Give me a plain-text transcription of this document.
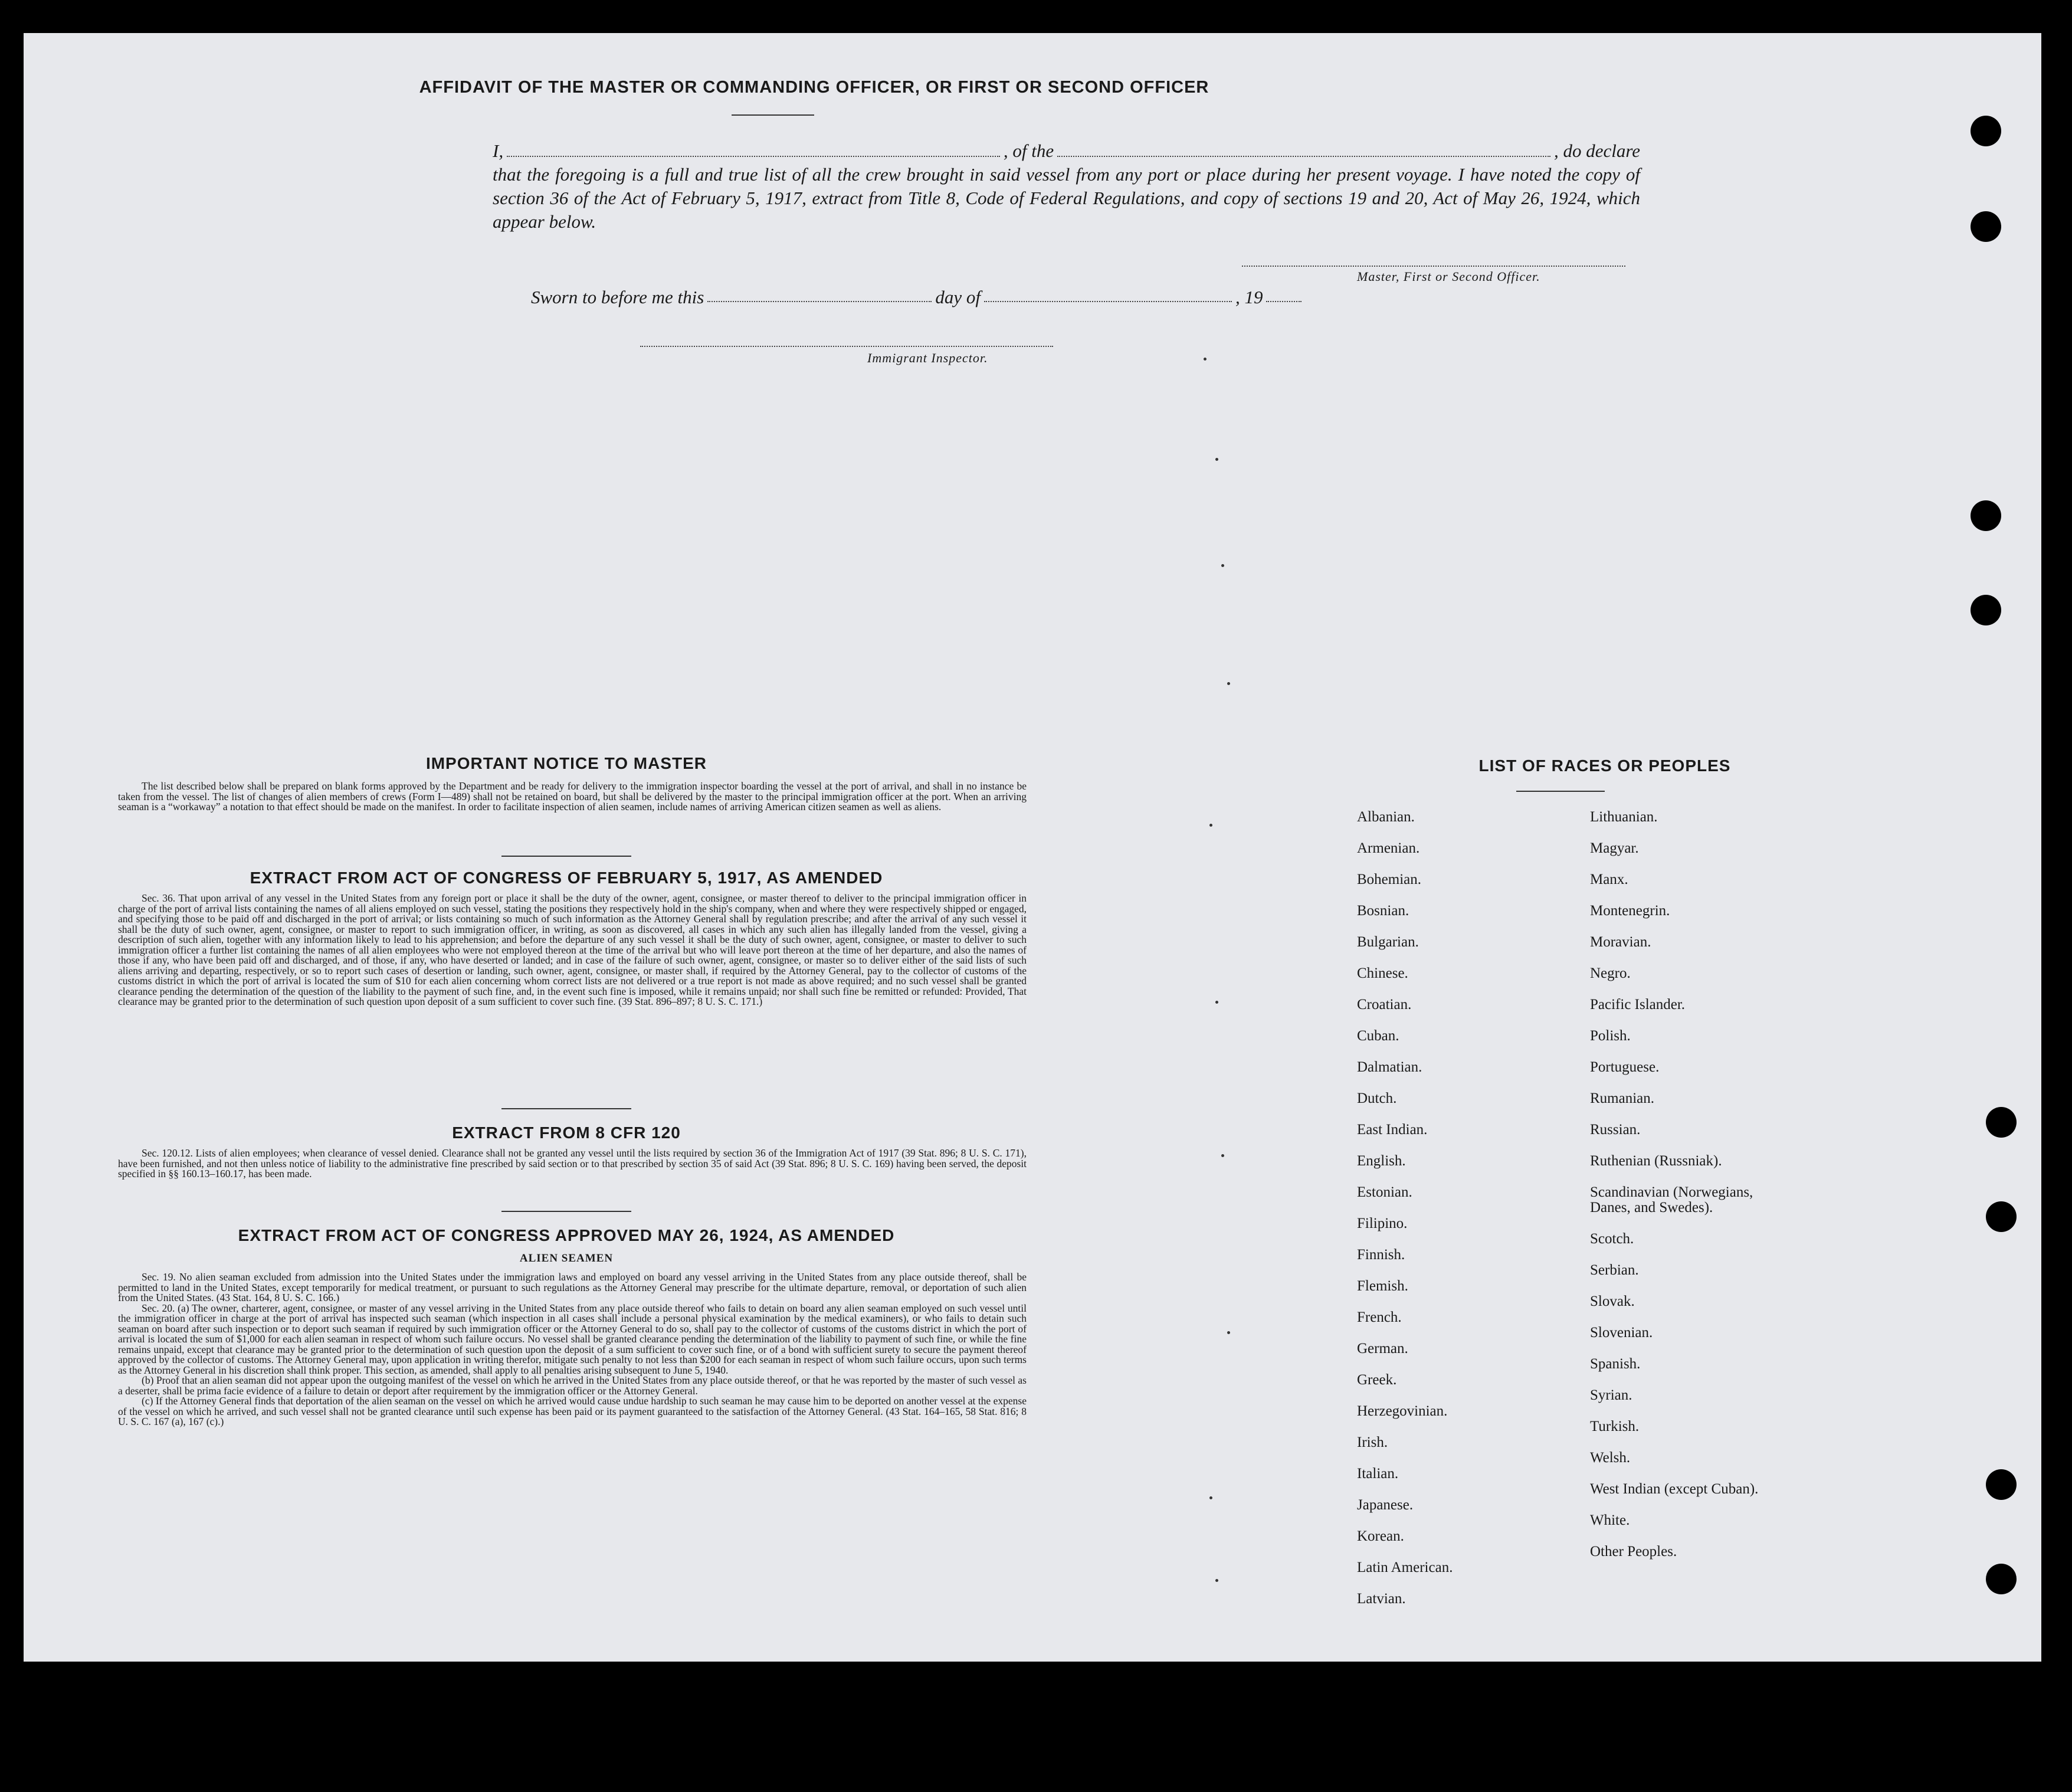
AFFIDAVIT OF THE MASTER OR COMMANDING OFFICER, OR FIRST OR SECOND OFFICER
I,	, of the	, do declare
that the foregoing is a full and true list of all the crew brought in said vessel from any port or place during her present voyage. I have noted the copy of section 36 of the Act of February 5, 1917, extract from Title 8, Code of Federal Regulations, and copy of sections 19 and 20, Act of May 26, 1924, which appear below.
Master, First or Second Officer.
Sworn to before me this	day of	, 19
Immigrant Inspector.
IMPORTANT NOTICE TO MASTER

The list described below shall be prepared on blank forms approved by the Department and be ready for delivery to the immigration inspector boarding the vessel at the port of arrival, and shall in no instance be taken from the vessel. The list of changes of alien members of crews (Form I—489) shall not be retained on board, but shall be delivered by the master to the principal immigration officer at the port. When an arriving seaman is a “workaway” a notation to that effect should be made on the manifest. In order to facilitate inspection of alien seamen, include names of arriving American citizen seamen as well as aliens.

EXTRACT FROM ACT OF CONGRESS OF FEBRUARY 5, 1917, AS AMENDED

Sec. 36. That upon arrival of any vessel in the United States from any foreign port or place it shall be the duty of the owner, agent, consignee, or master thereof to deliver to the principal immigration officer in charge of the port of arrival lists containing the names of all aliens employed on such vessel, stating the positions they respectively hold in the ship's company, when and where they were respectively shipped or engaged, and specifying those to be paid off and discharged in the port of arrival; or lists containing so much of such information as the Attorney General shall by regulation prescribe; and after the arrival of any such vessel it shall be the duty of such owner, agent, consignee, or master to report to such immigration officer, in writing, as soon as discovered, all cases in which any such alien has illegally landed from the vessel, giving a description of such alien, together with any information likely to lead to his apprehension; and before the departure of any such vessel it shall be the duty of such owner, agent, consignee, or master to deliver to such immigration officer a further list containing the names of all alien employees who were not employed thereon at the time of the arrival but who will leave port thereon at the time of her departure, and also the names of those if any, who have been paid off and discharged, and of those, if any, who have deserted or landed; and in case of the failure of such owner, agent, consignee, or master so to deliver either of the said lists of such aliens arriving and departing, respectively, or so to report such cases of desertion or landing, such owner, agent, consignee, or master shall, if required by the Attorney General, pay to the collector of customs of the customs district in which the port of arrival is located the sum of $10 for each alien concerning whom correct lists are not delivered or a true report is not made as above required; and no such vessel shall be granted clearance pending the determination of the question of the liability to the payment of such fine, and, in the event such fine is imposed, while it remains unpaid; nor shall such fine be remitted or refunded: Provided, That clearance may be granted prior to the determination of such question upon deposit of a sum sufficient to cover such fine. (39 Stat. 896–897; 8 U. S. C. 171.)

EXTRACT FROM 8 CFR 120

Sec. 120.12. Lists of alien employees; when clearance of vessel denied. Clearance shall not be granted any vessel until the lists required by section 36 of the Immigration Act of 1917 (39 Stat. 896; 8 U. S. C. 171), have been furnished, and not then unless notice of liability to the administrative fine prescribed by said section or to that prescribed by section 35 of said Act (39 Stat. 896; 8 U. S. C. 169) having been served, the deposit specified in §§ 160.13–160.17, has been made.

EXTRACT FROM ACT OF CONGRESS APPROVED MAY 26, 1924, AS AMENDED
ALIEN SEAMEN

Sec. 19. No alien seaman excluded from admission into the United States under the immigration laws and employed on board any vessel arriving in the United States from any place outside thereof, shall be permitted to land in the United States, except temporarily for medical treatment, or pursuant to such regulations as the Attorney General may prescribe for the ultimate departure, removal, or deportation of such alien from the United States. (43 Stat. 164, 8 U. S. C. 166.)

Sec. 20. (a) The owner, charterer, agent, consignee, or master of any vessel arriving in the United States from any place outside thereof who fails to detain on board any alien seaman employed on such vessel until the immigration officer in charge at the port of arrival has inspected such seaman (which inspection in all cases shall include a personal physical examination by the medical examiners), or who fails to detain such seaman on board after such inspection or to deport such seaman if required by such immigration officer or the Attorney General to do so, shall pay to the collector of customs of the customs district in which the port of arrival is located the sum of $1,000 for each alien seaman in respect of whom such failure occurs. No vessel shall be granted clearance pending the determination of the liability to payment of such fine, or while the fine remains unpaid, except that clearance may be granted prior to the determination of such question upon the deposit of a sum sufficient to cover such fine, or of a bond with sufficient surety to secure the payment thereof approved by the collector of customs. The Attorney General may, upon application in writing therefor, mitigate such penalty to not less than $200 for each seaman in respect of whom such failure occurs, upon such terms as the Attorney General in his discretion shall think proper. This section, as amended, shall apply to all penalties arising subsequent to June 5, 1940.

(b) Proof that an alien seaman did not appear upon the outgoing manifest of the vessel on which he arrived in the United States from any place outside thereof, or that he was reported by the master of such vessel as a deserter, shall be prima facie evidence of a failure to detain or deport after requirement by the immigration officer or the Attorney General.

(c) If the Attorney General finds that deportation of the alien seaman on the vessel on which he arrived would cause undue hardship to such seaman he may cause him to be deported on another vessel at the expense of the vessel on which he arrived, and such vessel shall not be granted clearance until such expense has been paid or its payment guaranteed to the satisfaction of the Attorney General. (43 Stat. 164–165, 58 Stat. 816; 8 U. S. C. 167 (a), 167 (c).)

LIST OF RACES OR PEOPLES
Albanian.
Armenian.
Bohemian.
Bosnian.
Bulgarian.
Chinese.
Croatian.
Cuban.
Dalmatian.
Dutch.
East Indian.
English.
Estonian.
Filipino.
Finnish.
Flemish.
French.
German.
Greek.
Herzegovinian.
Irish.
Italian.
Japanese.
Korean.
Latin American.
Latvian.
Lithuanian.
Magyar.
Manx.
Montenegrin.
Moravian.
Negro.
Pacific Islander.
Polish.
Portuguese.
Rumanian.
Russian.
Ruthenian (Russniak).
Scandinavian (Norwegians,
Danes, and Swedes).
Scotch.
Serbian.
Slovak.
Slovenian.
Spanish.
Syrian.
Turkish.
Welsh.
West Indian (except Cuban).
White.
Other Peoples.
